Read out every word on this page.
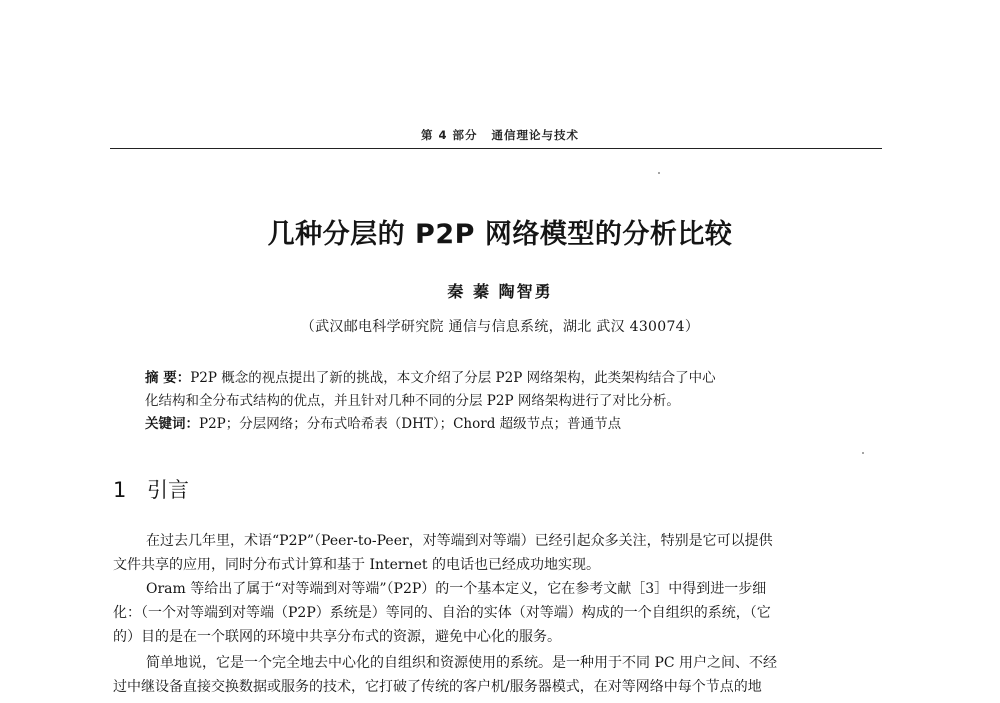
第 4 部分 通信理论与技术
几种分层的 P2P 网络模型的分析比较
秦 蓁 陶智勇
（武汉邮电科学研究院 通信与信息系统，湖北 武汉 430074）
摘 要：P2P 概念的视点提出了新的挑战，本文介绍了分层 P2P 网络架构，此类架构结合了中心
化结构和全分布式结构的优点，并且针对几种不同的分层 P2P 网络架构进行了对比分析。
关键词：P2P；分层网络；分布式哈希表（DHT）；Chord 超级节点；普通节点
1 引言
在过去几年里，术语“P2P”（Peer-to-Peer，对等端到对等端）已经引起众多关注，特别是它可以提供
文件共享的应用，同时分布式计算和基于 Internet 的电话也已经成功地实现。
Oram 等给出了属于“对等端到对等端”（P2P）的一个基本定义，它在参考文献［3］中得到进一步细
化：（一个对等端到对等端（P2P）系统是）等同的、自治的实体（对等端）构成的一个自组织的系统，（它
的）目的是在一个联网的环境中共享分布式的资源，避免中心化的服务。
简单地说，它是一个完全地去中心化的自组织和资源使用的系统。是一种用于不同 PC 用户之间、不经
过中继设备直接交换数据或服务的技术，它打破了传统的客户机/服务器模式，在对等网络中每个节点的地
